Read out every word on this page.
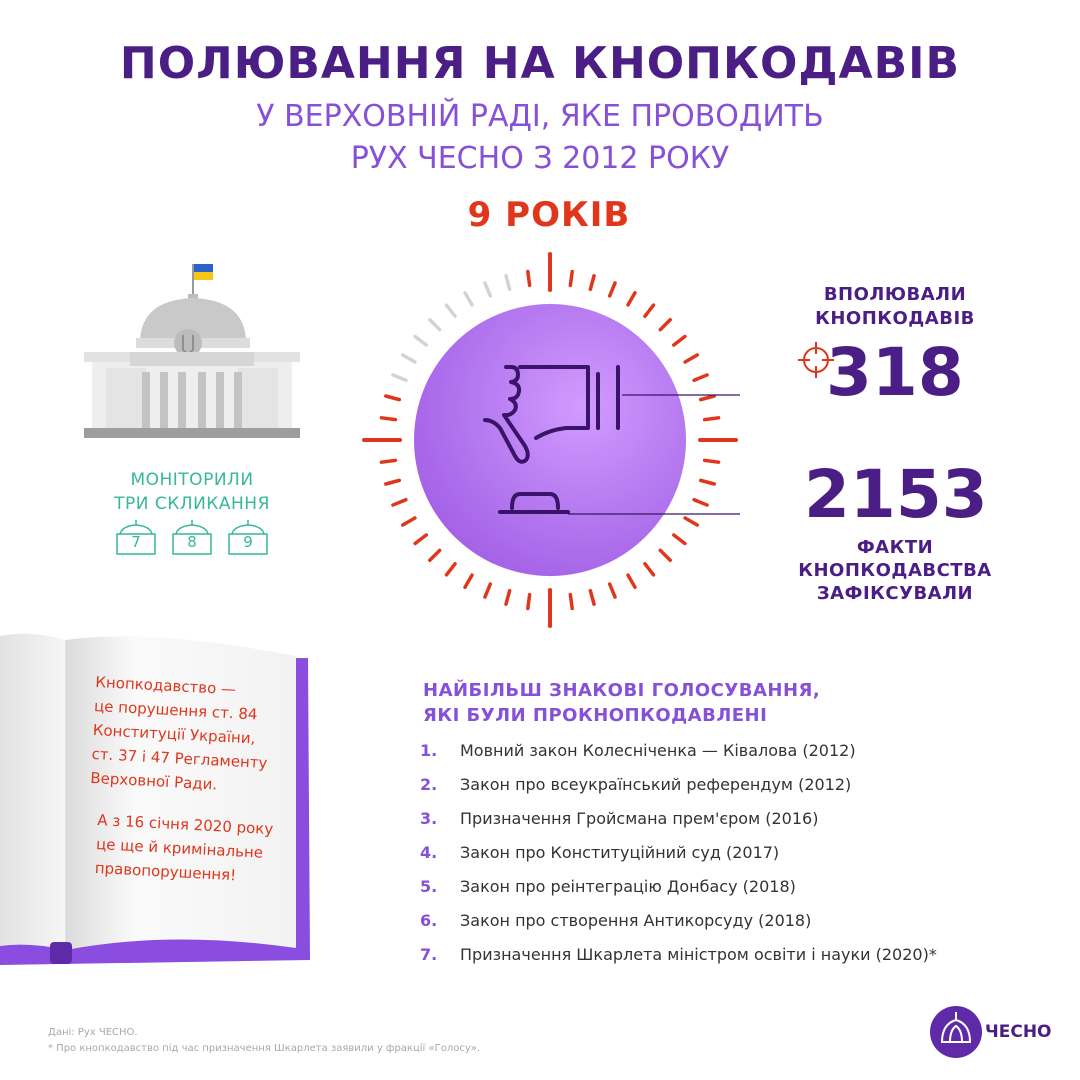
ПОЛЮВАННЯ НА КНОПКОДАВІВ
У ВЕРХОВНІЙ РАДІ, ЯКЕ ПРОВОДИТЬ
РУХ ЧЕСНО З 2012 РОКУ
9 РОКІВ
МОНІТОРИЛИ
ТРИ СКЛИКАННЯ
7	8	9
ВПОЛЮВАЛИ
КНОПКОДАВІВ
318
2153
ФАКТИ
КНОПКОДАВСТВА
ЗАФІКСУВАЛИ
Кнопкодавство —
це порушення ст. 84
Конституції України,
ст. 37 і 47 Регламенту
Верховної Ради.
А з 16 січня 2020 року
це ще й кримінальне
правопорушення!
НАЙБІЛЬШ ЗНАКОВІ ГОЛОСУВАННЯ,
ЯКІ БУЛИ ПРОКНОПКОДАВЛЕНІ
1. Мовний закон Колесніченка — Ківалова (2012)
2. Закон про всеукраїнський референдум (2012)
3. Призначення Гройсмана прем'єром (2016)
4. Закон про Конституційний суд (2017)
5. Закон про реінтеграцію Донбасу (2018)
6. Закон про створення Антикорсуду (2018)
7. Призначення Шкарлета міністром освіти і науки (2020)*
Дані: Рух ЧЕСНО.
* Про кнопкодавство під час призначення Шкарлета заявили у фракції «Голосу».
ЧЕСНО
